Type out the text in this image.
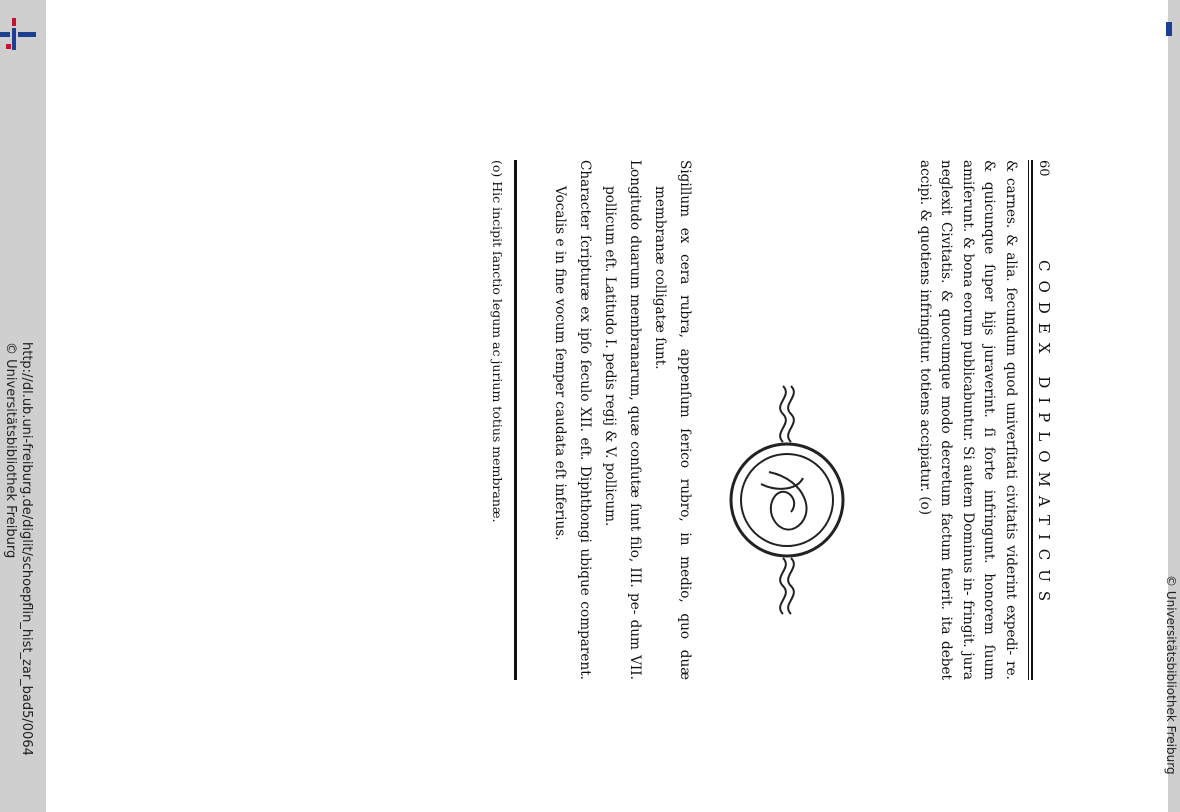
http://dl.ub.uni-freiburg.de/diglit/schoepflin_hist_zar_bad5/0064
© Universitätsbibliothek Freiburg
© Universitätsbibliothek Freiburg
60
CODEX DIPLOMATICUS
& carnes. & alia. ſecundum quod univerſitati civitatis viderint expedi- re. & quicunque ſuper hijs juraverint. ſi forte infringunt. honorem ſuum amiſerunt. & bona eorum publicabuntur. Si autem Dominus in- fringit. jura neglexit Civitatis. & quocumque modo decretum factum fuerit. ita debet accipi. & quotiens infringitur. totiens accipiatur. (o)

Sigillum ex cera rubra, appenſum ſerico rubro, in medio, quo duæ membranæ colligatæ ſunt.

Longitudo duarum membranarum, quæ conſutæ ſunt filo, III. pe- dum VII. pollicum eſt. Latitudo I. pedis regij & V. pollicum.

Character ſcripturæ ex ipſo ſeculo XII. eſt. Diphthongi ubique comparent. Vocalis e in fine vocum ſemper caudata eſt inferius.

(o) Hic incipit ſanctio legum ac jurium totius membranæ.
